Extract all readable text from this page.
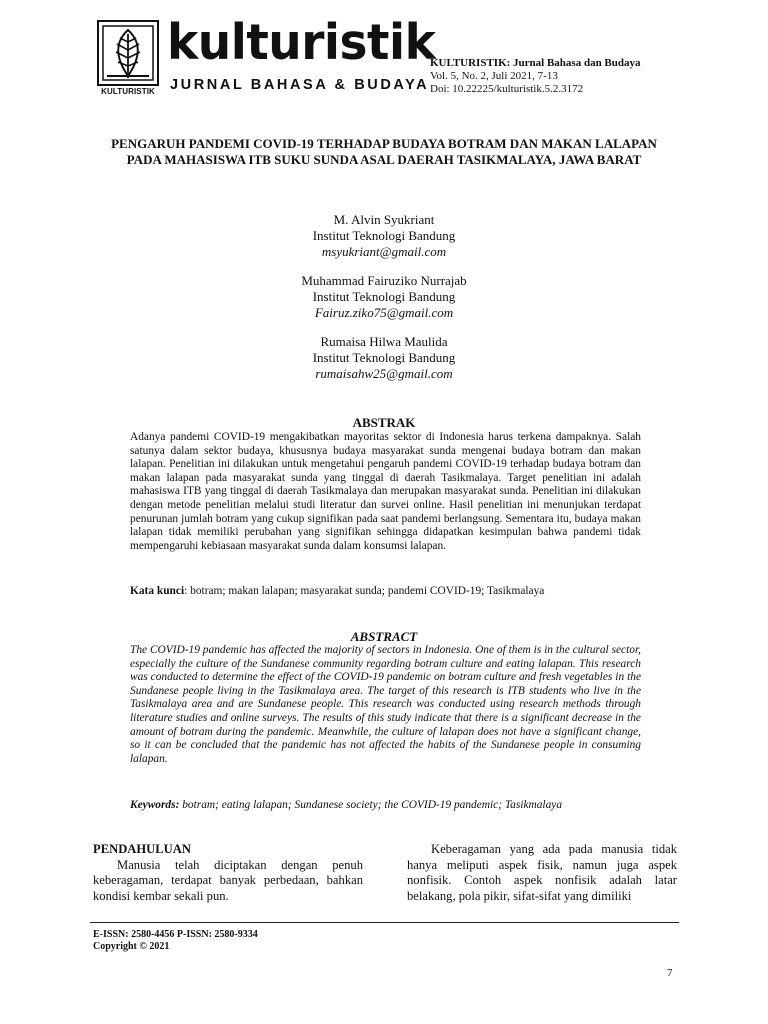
KULTURISTIK
kulturistik
JURNAL BAHASA & BUDAYA
KULTURISTIK: Jurnal Bahasa dan Budaya
Vol. 5, No. 2, Juli 2021, 7-13
Doi: 10.22225/kulturistik.5.2.3172
PENGARUH PANDEMI COVID-19 TERHADAP BUDAYA BOTRAM DAN MAKAN LALAPAN PADA MAHASISWA ITB SUKU SUNDA ASAL DAERAH TASIKMALAYA, JAWA BARAT
M. Alvin Syukriant
Institut Teknologi Bandung
msyukriant@gmail.com
Muhammad Fairuziko Nurrajab
Institut Teknologi Bandung
Fairuz.ziko75@gmail.com
Rumaisa Hilwa Maulida
Institut Teknologi Bandung
rumaisahw25@gmail.com
ABSTRAK
Adanya pandemi COVID-19 mengakibatkan mayoritas sektor di Indonesia harus terkena dampaknya. Salah satunya dalam sektor budaya, khususnya budaya masyarakat sunda mengenai budaya botram dan makan lalapan. Penelitian ini dilakukan untuk mengetahui pengaruh pandemi COVID-19 terhadap budaya botram dan makan lalapan pada masyarakat sunda yang tinggal di daerah Tasikmalaya. Target penelitian ini adalah mahasiswa ITB yang tinggal di daerah Tasikmalaya dan merupakan masyarakat sunda. Penelitian ini dilakukan dengan metode penelitian melalui studi literatur dan survei online. Hasil penelitian ini menunjukan terdapat penurunan jumlah botram yang cukup signifikan pada saat pandemi berlangsung. Sementara itu, budaya makan lalapan tidak memiliki perubahan yang signifikan sehingga didapatkan kesimpulan bahwa pandemi tidak mempengaruhi kebiasaan masyarakat sunda dalam konsumsi lalapan.
Kata kunci: botram; makan lalapan; masyarakat sunda; pandemi COVID-19; Tasikmalaya
ABSTRACT
The COVID-19 pandemic has affected the majority of sectors in Indonesia. One of them is in the cultural sector, especially the culture of the Sundanese community regarding botram culture and eating lalapan. This research was conducted to determine the effect of the COVID-19 pandemic on botram culture and fresh vegetables in the Sundanese people living in the Tasikmalaya area. The target of this research is ITB students who live in the Tasikmalaya area and are Sundanese people. This research was conducted using research methods through literature studies and online surveys. The results of this study indicate that there is a significant decrease in the amount of botram during the pandemic. Meanwhile, the culture of lalapan does not have a significant change, so it can be concluded that the pandemic has not affected the habits of the Sundanese people in consuming lalapan.
Keywords: botram; eating lalapan; Sundanese society; the COVID-19 pandemic; Tasikmalaya
PENDAHULUAN
Manusia telah diciptakan dengan penuh keberagaman, terdapat banyak perbedaan, bahkan kondisi kembar sekali pun.
Keberagaman yang ada pada manusia tidak hanya meliputi aspek fisik, namun juga aspek nonfisik. Contoh aspek nonfisik adalah latar belakang, pola pikir, sifat-sifat yang dimiliki
E-ISSN: 2580-4456 P-ISSN: 2580-9334
Copyright © 2021
7
